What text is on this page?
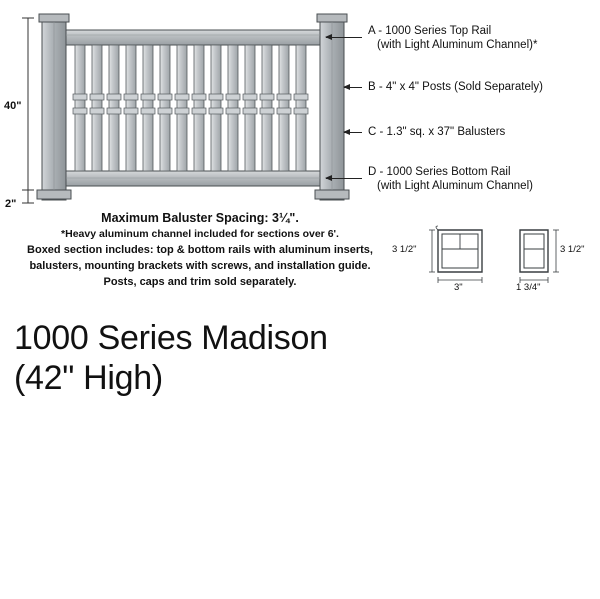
40"
2"
A - 1000 Series Top Rail
(with Light Aluminum Channel)*
B - 4" x 4" Posts (Sold Separately)
C - 1.3" sq. x 37" Balusters
D - 1000 Series Bottom Rail
(with Light Aluminum Channel)
Maximum Baluster Spacing: 3¼".
*Heavy aluminum channel included for sections over 6'.
Boxed section includes: top & bottom rails with aluminum inserts,
balusters, mounting brackets with screws, and installation guide.
Posts, caps and trim sold separately.
3 1/2"
3"
3 1/2"
1 3/4"
1000 Series Madison
(42" High)
